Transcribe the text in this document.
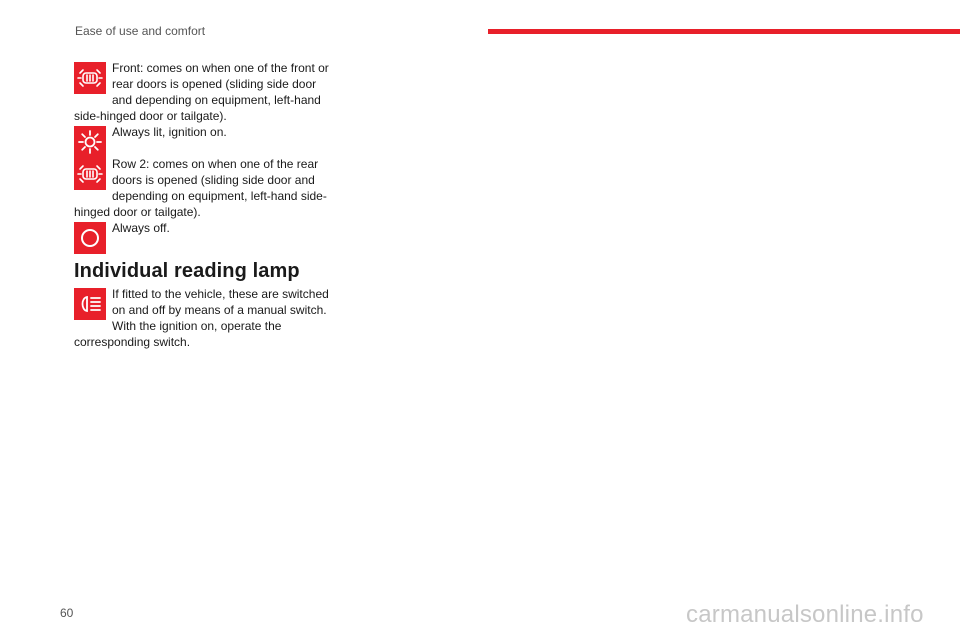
Ease of use and comfort

Front: comes on when one of the front or rear doors is opened (sliding side door and depending on equipment, left-hand side-hinged door or tailgate).

Always lit, ignition on.

Row 2: comes on when one of the rear doors is opened (sliding side door and depending on equipment, left-hand side-hinged door or tailgate).

Always off.

Individual reading lamp

If fitted to the vehicle, these are switched on and off by means of a manual switch. With the ignition on, operate the corresponding switch.

60	carmanualsonline.info
